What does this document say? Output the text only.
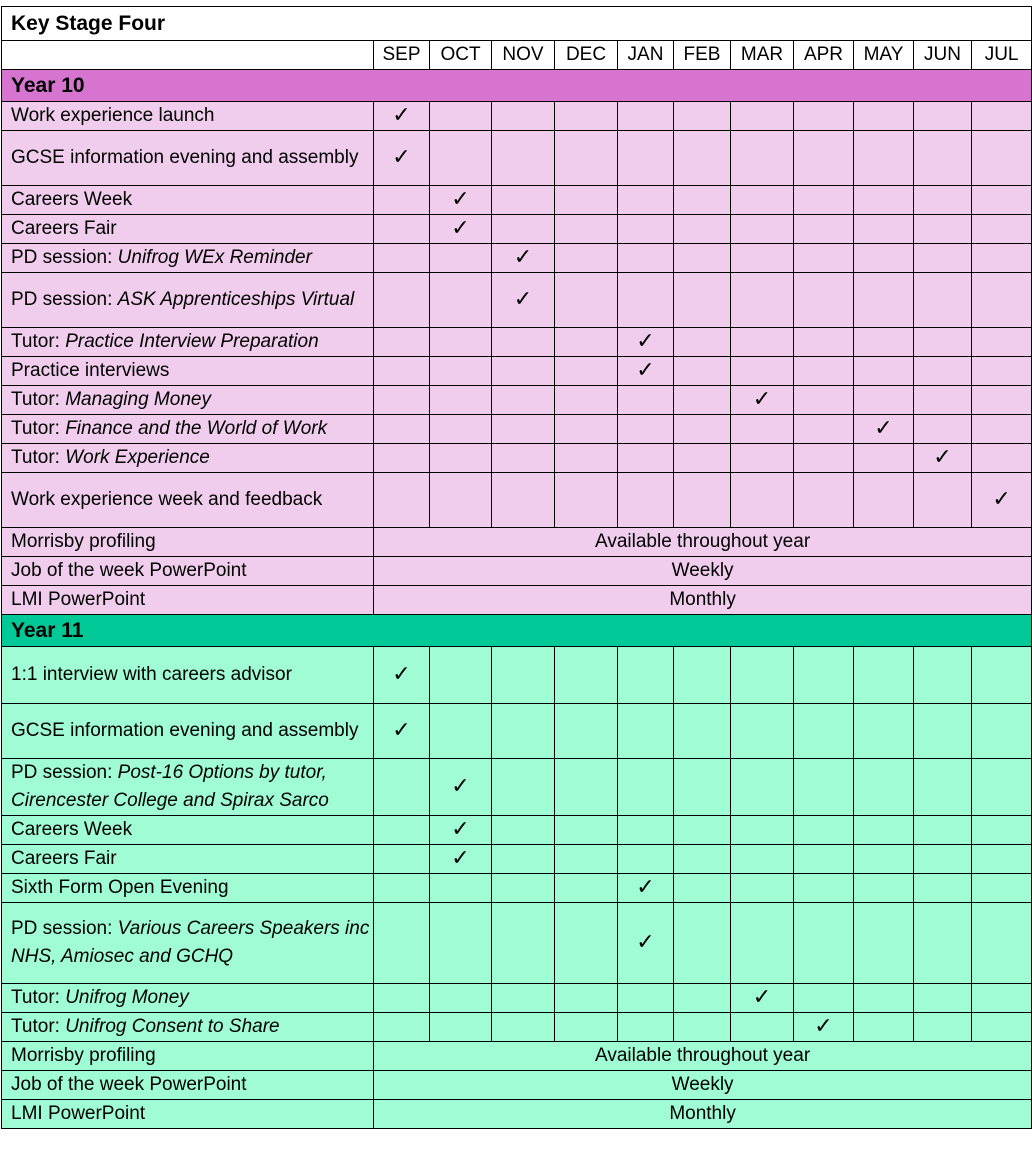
Key Stage Four											
	SEP	OCT	NOV	DEC	JAN	FEB	MAR	APR	MAY	JUN	JUL
Year 10											
Work experience launch	✓										
GCSE information evening and assembly	✓										
Careers Week		✓									
Careers Fair		✓									
PD session: Unifrog WEx Reminder			✓								
PD session: ASK Apprenticeships Virtual			✓								
Tutor: Practice Interview Preparation					✓						
Practice interviews					✓						
Tutor: Managing Money							✓				
Tutor: Finance and the World of Work									✓		
Tutor: Work Experience										✓	
Work experience week and feedback											✓
Morrisby profiling	Available throughout year										
Job of the week PowerPoint	Weekly										
LMI PowerPoint	Monthly										
Year 11											
1:1 interview with careers advisor	✓										
GCSE information evening and assembly	✓										
PD session: Post-16 Options by tutor, Cirencester College and Spirax Sarco		✓									
Careers Week		✓									
Careers Fair		✓									
Sixth Form Open Evening					✓						
PD session: Various Careers Speakers inc NHS, Amiosec and GCHQ					✓						
Tutor: Unifrog Money							✓				
Tutor: Unifrog Consent to Share								✓			
Morrisby profiling	Available throughout year										
Job of the week PowerPoint	Weekly										
LMI PowerPoint	Monthly										
